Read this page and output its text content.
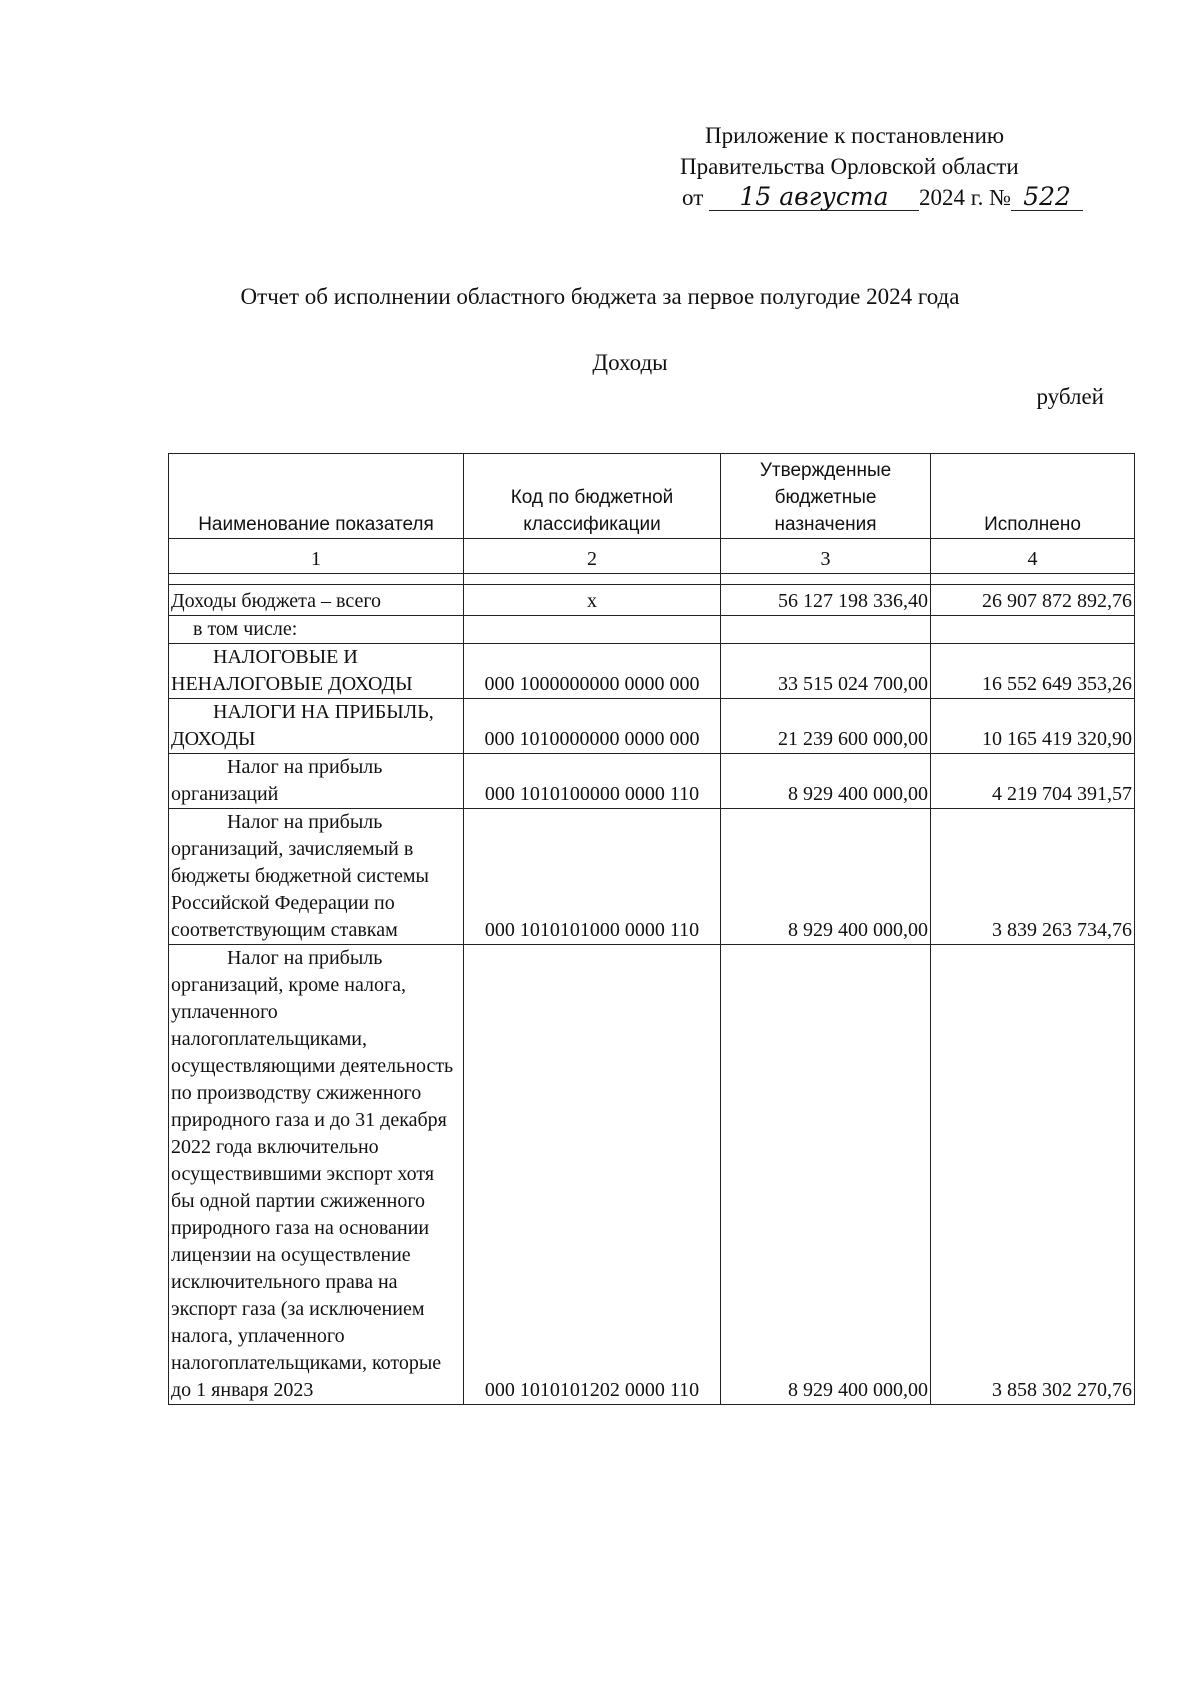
Приложение к постановлению
Правительства Орловской области
от 15 августа 2024 г. № 522
Отчет об исполнении областного бюджета за первое полугодие 2024 года
Доходы
рублей
Наименование показателя	Код по бюджетной классификации	Утвержденные бюджетные назначения	Исполнено
1	2	3	4

Доходы бюджета – всего	x	56 127 198 336,40	26 907 872 892,76
в том числе:			
НАЛОГОВЫЕ И НЕНАЛОГОВЫЕ ДОХОДЫ	000 1000000000 0000 000	33 515 024 700,00	16 552 649 353,26
НАЛОГИ НА ПРИБЫЛЬ, ДОХОДЫ	000 1010000000 0000 000	21 239 600 000,00	10 165 419 320,90
Налог на прибыль организаций	000 1010100000 0000 110	8 929 400 000,00	4 219 704 391,57
Налог на прибыль организаций, зачисляемый в бюджеты бюджетной системы Российской Федерации по соответствующим ставкам	000 1010101000 0000 110	8 929 400 000,00	3 839 263 734,76
Налог на прибыль организаций, кроме налога, уплаченного налогоплательщиками, осуществляющими деятельность по производству сжиженного природного газа и до 31 декабря 2022 года включительно осуществившими экспорт хотя бы одной партии сжиженного природного газа на основании лицензии на осуществление исключительного права на экспорт газа (за исключением налога, уплаченного налогоплательщиками, которые до 1 января 2023	000 1010101202 0000 110	8 929 400 000,00	3 858 302 270,76
